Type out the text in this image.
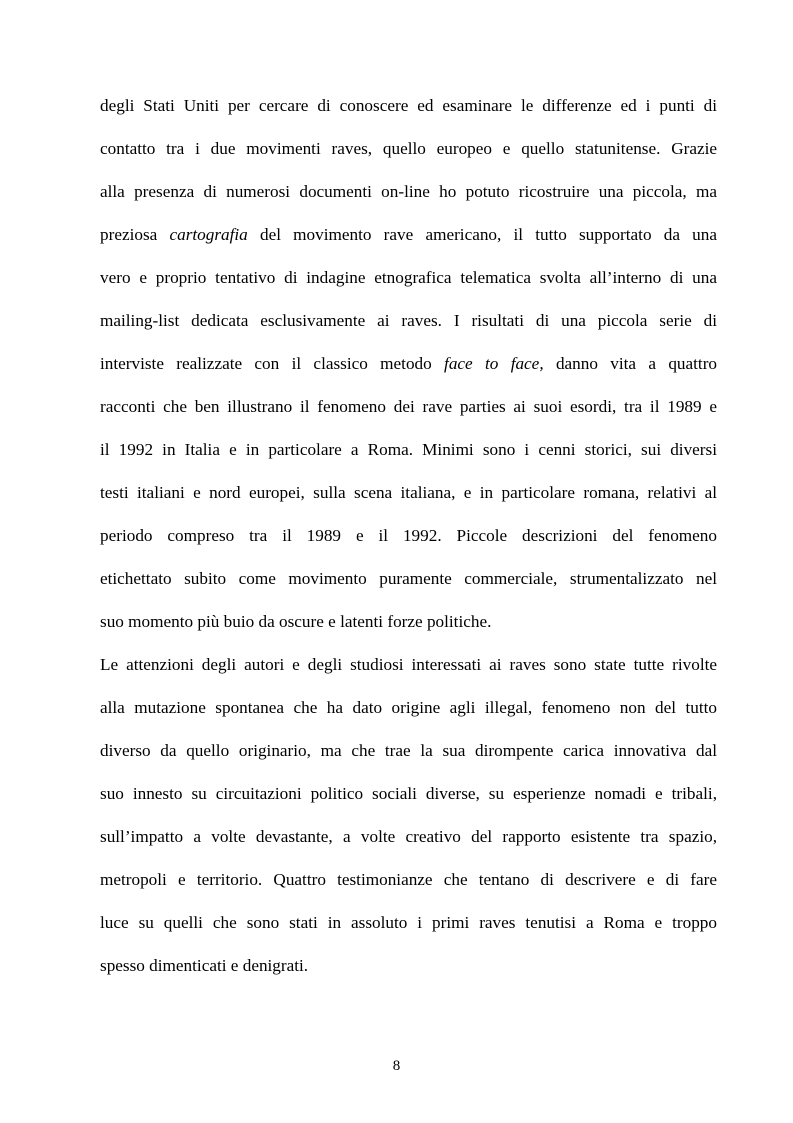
degli Stati Uniti per cercare di conoscere ed esaminare le differenze ed i punti di
contatto tra i due movimenti raves, quello europeo e quello statunitense. Grazie
alla presenza di numerosi documenti on-line ho potuto ricostruire una piccola, ma
preziosa cartografia del movimento rave americano, il tutto supportato da una
vero e proprio tentativo di indagine etnografica telematica svolta all’interno di una
mailing-list dedicata esclusivamente ai raves. I risultati di una piccola serie di
interviste realizzate con il classico metodo face to face, danno vita a quattro
racconti che ben illustrano il fenomeno dei rave parties ai suoi esordi, tra il 1989 e
il 1992 in Italia e in particolare a Roma. Minimi sono i cenni storici, sui diversi
testi italiani e nord europei, sulla scena italiana, e in particolare romana, relativi al
periodo compreso tra il 1989 e il 1992. Piccole descrizioni del fenomeno
etichettato subito come movimento puramente commerciale, strumentalizzato nel
suo momento più buio da oscure e latenti forze politiche.
Le attenzioni degli autori e degli studiosi interessati ai raves sono state tutte rivolte
alla mutazione spontanea che ha dato origine agli illegal, fenomeno non del tutto
diverso da quello originario, ma che trae la sua dirompente carica innovativa dal
suo innesto su circuitazioni politico sociali diverse, su esperienze nomadi e tribali,
sull’impatto a volte devastante, a volte creativo del rapporto esistente tra spazio,
metropoli e territorio. Quattro testimonianze che tentano di descrivere e di fare
luce su quelli che sono stati in assoluto i primi raves tenutisi a Roma e troppo
spesso dimenticati e denigrati.
8
